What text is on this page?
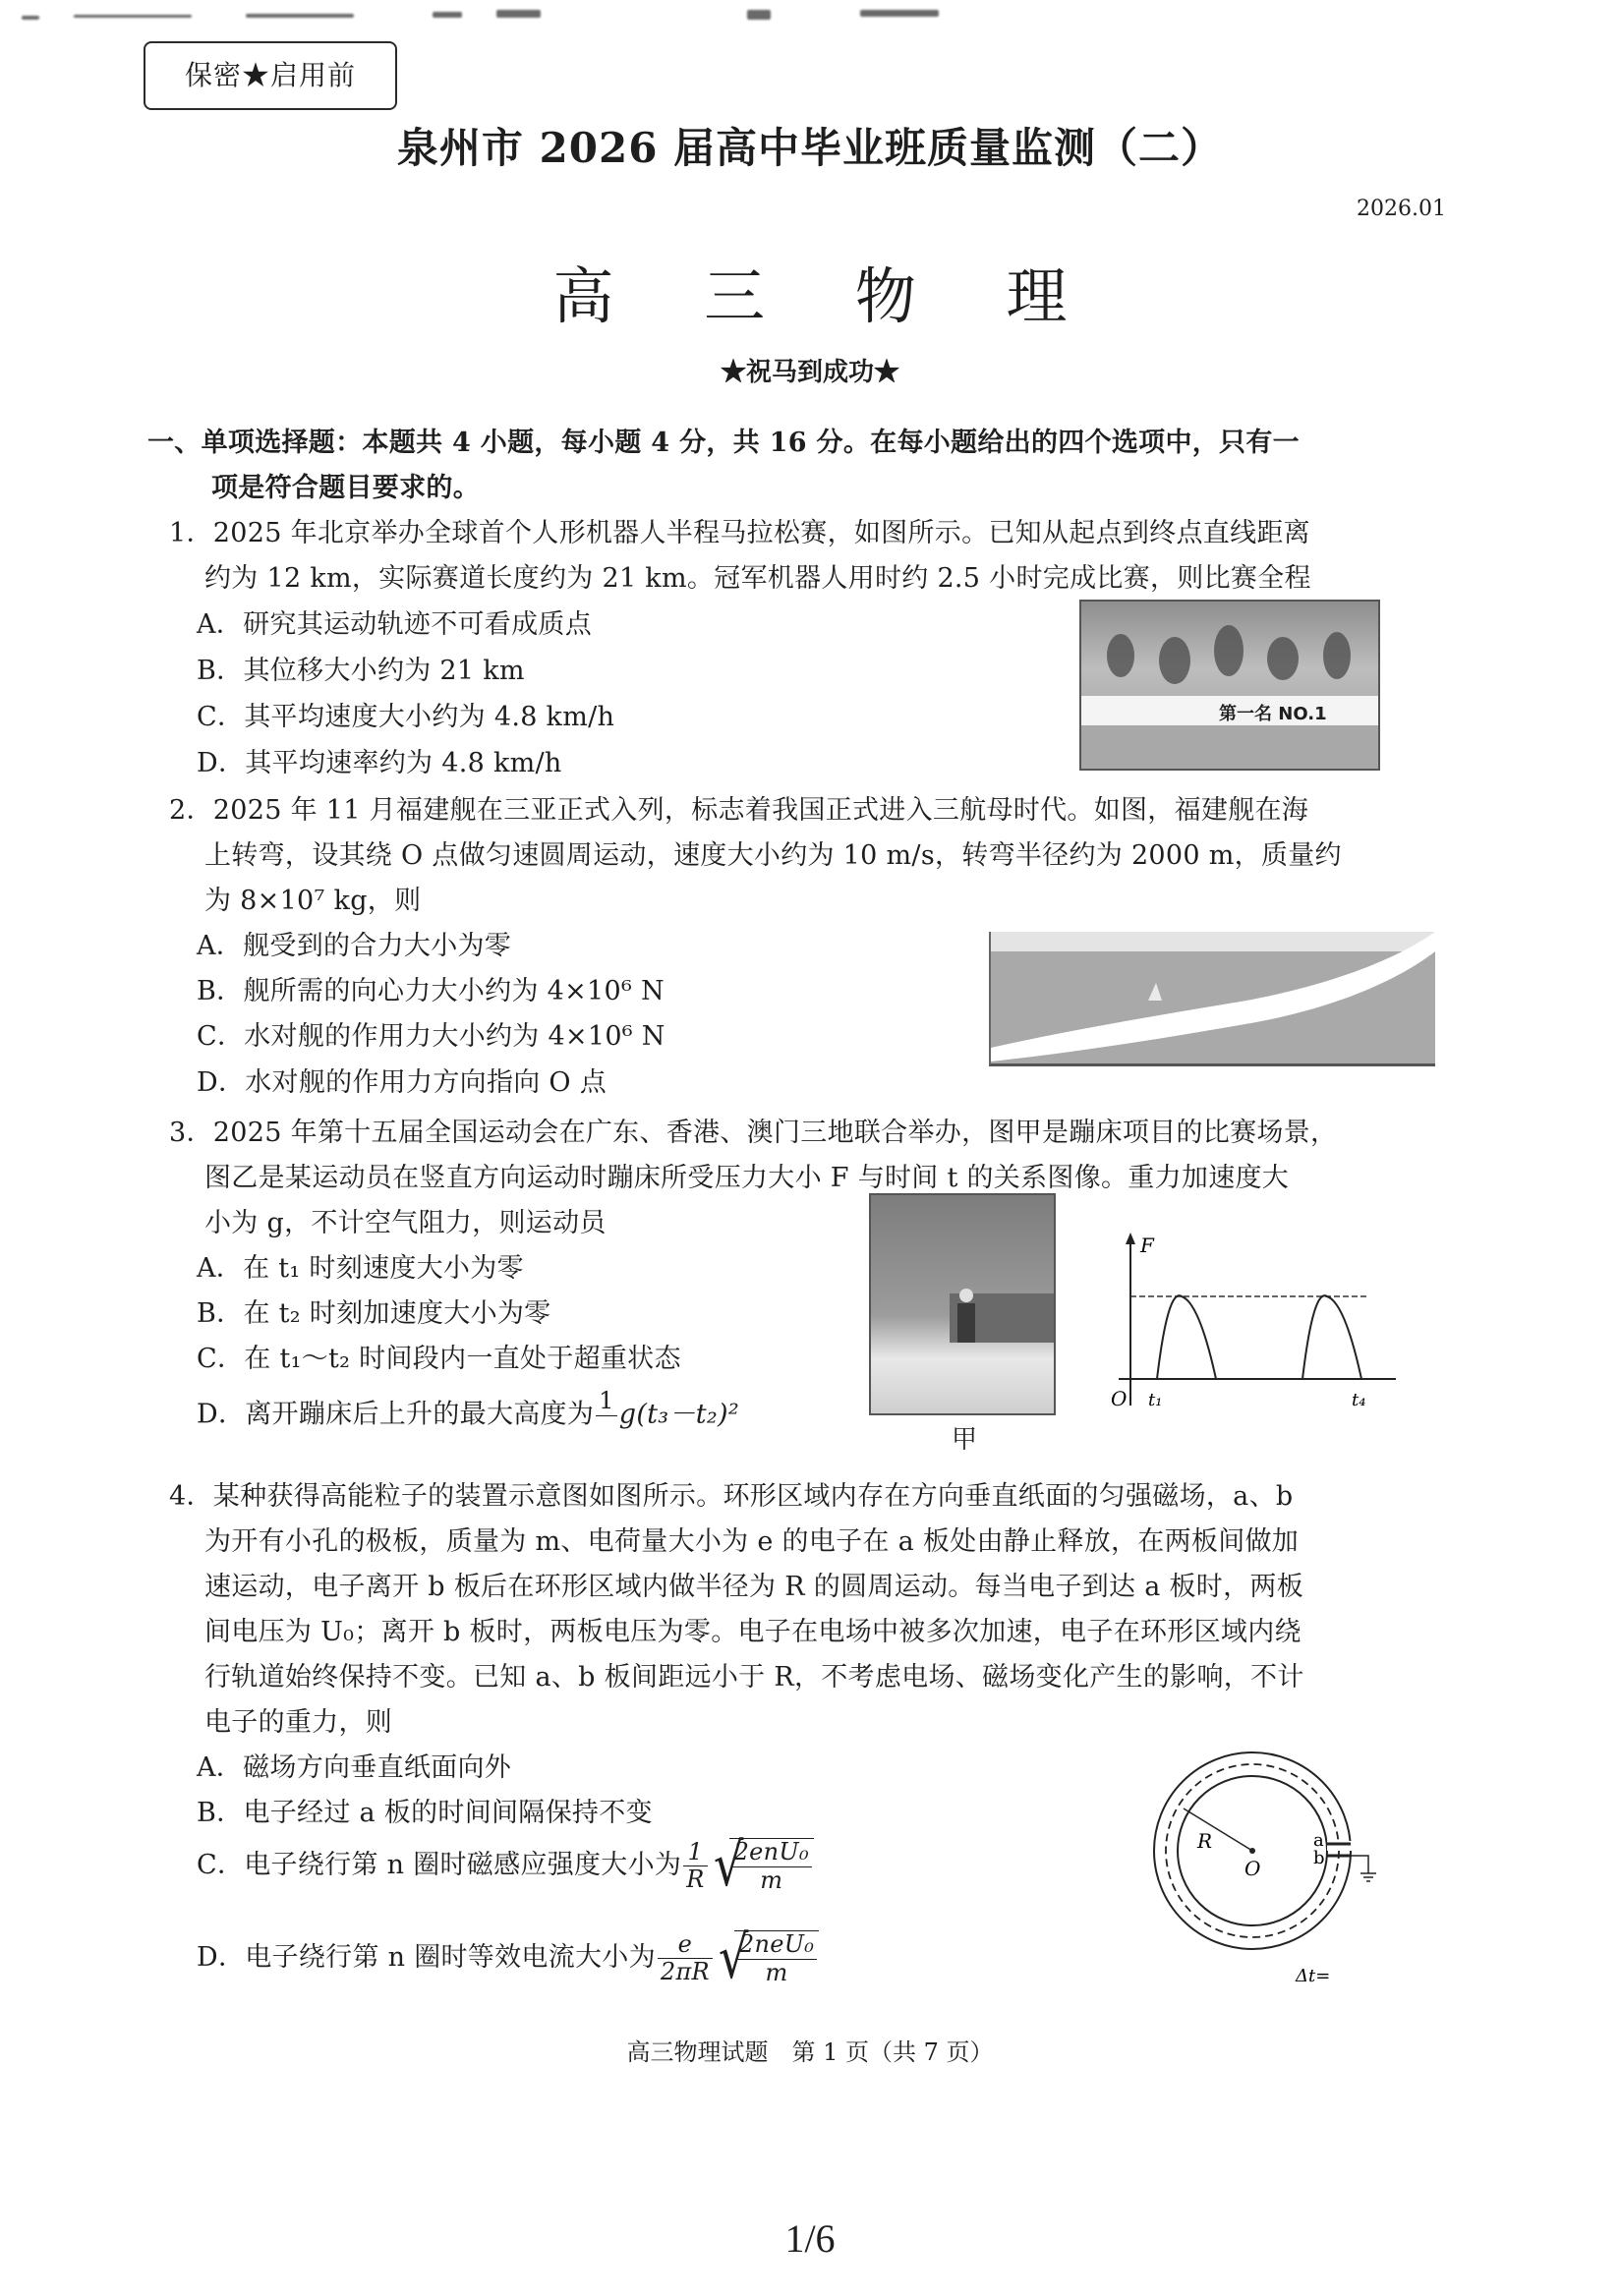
保密★启用前
泉州市 2026 届高中毕业班质量监测（二）
2026.01
高 三 物 理
★祝马到成功★
一、单项选择题：本题共 4 小题，每小题 4 分，共 16 分。在每小题给出的四个选项中，只有一
项是符合题目要求的。
1．2025 年北京举办全球首个人形机器人半程马拉松赛，如图所示。已知从起点到终点直线距离
约为 12 km，实际赛道长度约为 21 km。冠军机器人用时约 2.5 小时完成比赛，则比赛全程
A．研究其运动轨迹不可看成质点
B．其位移大小约为 21 km
C．其平均速度大小约为 4.8 km/h
D．其平均速率约为 4.8 km/h
第一名 NO.1
2．2025 年 11 月福建舰在三亚正式入列，标志着我国正式进入三航母时代。如图，福建舰在海
上转弯，设其绕 O 点做匀速圆周运动，速度大小约为 10 m/s，转弯半径约为 2000 m，质量约
为 8×10⁷ kg，则
A．舰受到的合力大小为零
B．舰所需的向心力大小约为 4×10⁶ N
C．水对舰的作用力大小约为 4×10⁶ N
D．水对舰的作用力方向指向 O 点
3．2025 年第十五届全国运动会在广东、香港、澳门三地联合举办，图甲是蹦床项目的比赛场景，
图乙是某运动员在竖直方向运动时蹦床所受压力大小 F 与时间 t 的关系图像。重力加速度大
小为 g，不计空气阻力，则运动员
A．在 t₁ 时刻速度大小为零
B．在 t₂ 时刻加速度大小为零
C．在 t₁～t₂ 时间段内一直处于超重状态
D．离开蹦床后上升的最大高度为 1
g(t₃－t₂)²
甲
F
O t₁	t₄
4．某种获得高能粒子的装置示意图如图所示。环形区域内存在方向垂直纸面的匀强磁场，a、b
为开有小孔的极板，质量为 m、电荷量大小为 e 的电子在 a 板处由静止释放，在两板间做加
速运动，电子离开 b 板后在环形区域内做半径为 R 的圆周运动。每当电子到达 a 板时，两板
间电压为 U₀；离开 b 板时，两板电压为零。电子在电场中被多次加速，电子在环形区域内绕
行轨道始终保持不变。已知 a、b 板间距远小于 R，不考虑电场、磁场变化产生的影响，不计
电子的重力，则
A．磁场方向垂直纸面向外
B．电子经过 a 板的时间间隔保持不变
C．电子绕行第 n 圈时磁感应强度大小为 $\frac{1}{R}$ √
$\frac{\text{2enU₀}}{m}$
D．电子绕行第 n 圈时等效电流大小为 $\frac{e}{2\pi R}$ √
$\frac{\text{2neU₀}}{m}$
R
O
a
b
Δt=
高三物理试题　第 1 页（共 7 页）
1/6
